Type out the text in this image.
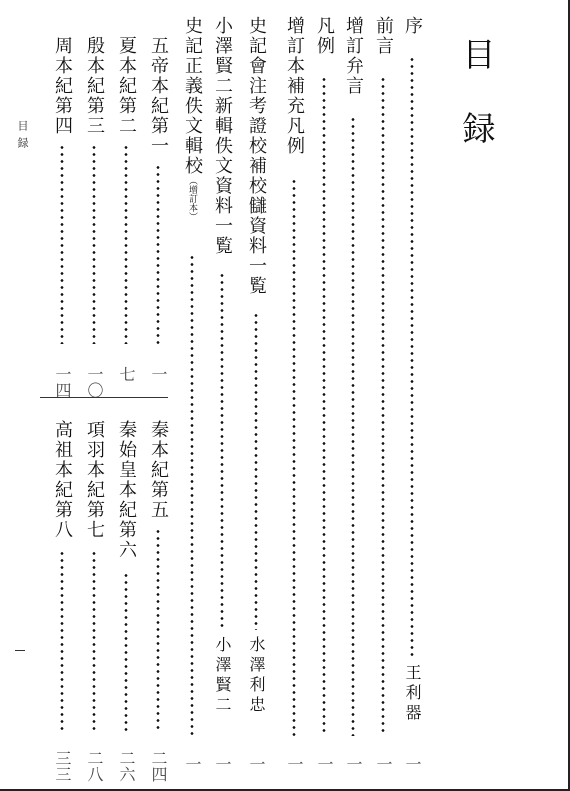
目
録
序
王利器
一
前言
一
增訂弁言
一
凡例
一
增訂本補充凡例
一
史記會注考證校補校讎資料一覧
水澤利忠
一
小澤賢二新輯佚文資料一覧
小澤賢二
一
史記正義佚文輯校（增訂本）
一
五帝本紀第一
一
夏本紀第二
七
殷本紀第三
一〇
周本紀第四
一四
秦本紀第五
二四
秦始皇本紀第六
二六
項羽本紀第七
二八
高祖本紀第八
三三
目録
